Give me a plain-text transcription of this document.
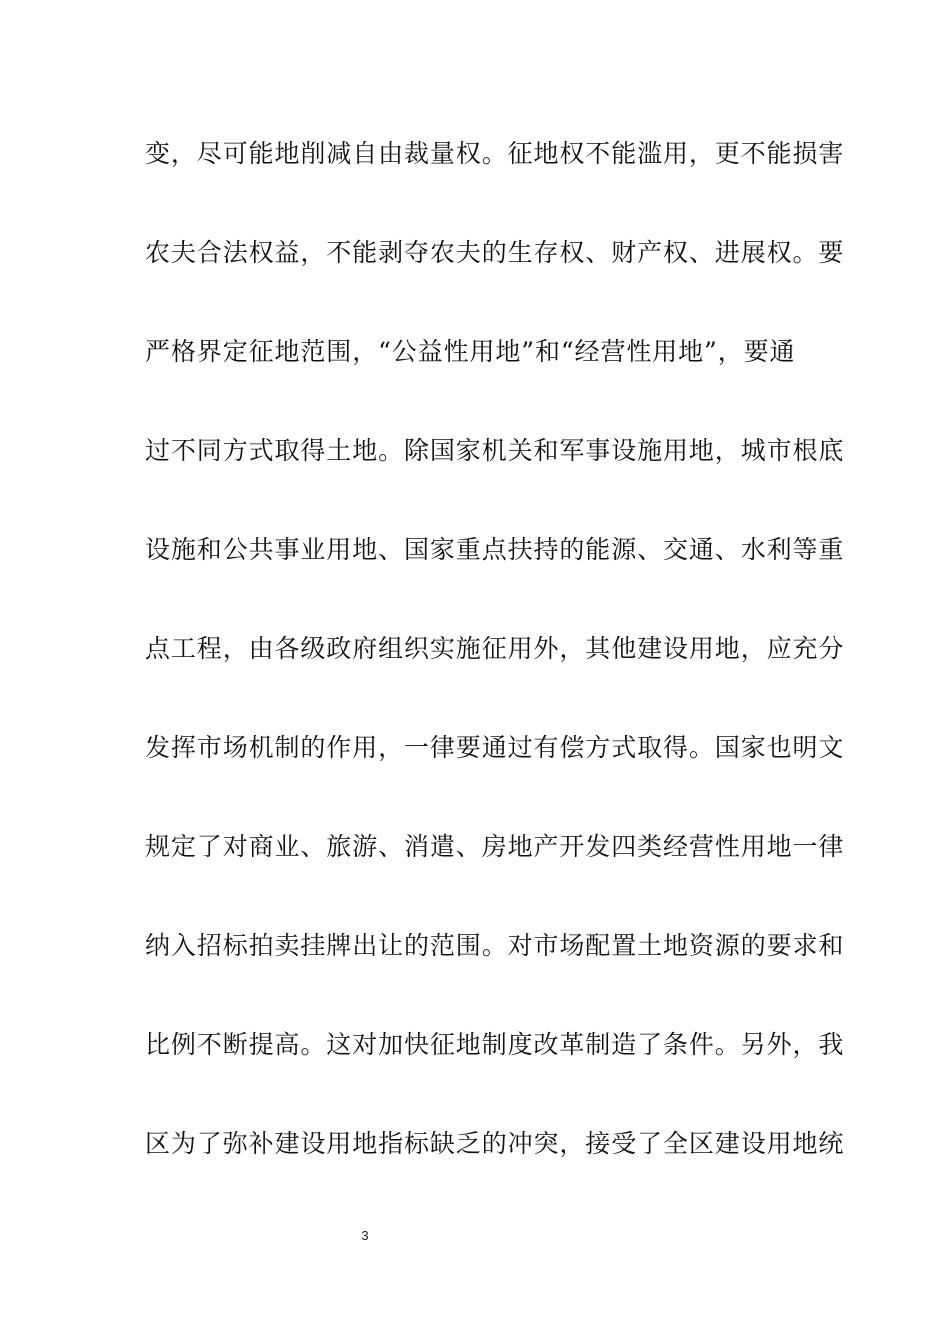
变，尽可能地削减自由裁量权。征地权不能滥用，更不能损害
农夫合法权益，不能剥夺农夫的生存权、财产权、进展权。要
严格界定征地范围，“公益性用地”和“经营性用地”，要通
过不同方式取得土地。除国家机关和军事设施用地，城市根底
设施和公共事业用地、国家重点扶持的能源、交通、水利等重
点工程，由各级政府组织实施征用外，其他建设用地，应充分
发挥市场机制的作用，一律要通过有偿方式取得。国家也明文
规定了对商业、旅游、消遣、房地产开发四类经营性用地一律
纳入招标拍卖挂牌出让的范围。对市场配置土地资源的要求和
比例不断提高。这对加快征地制度改革制造了条件。另外，我
区为了弥补建设用地指标缺乏的冲突，接受了全区建设用地统
3
